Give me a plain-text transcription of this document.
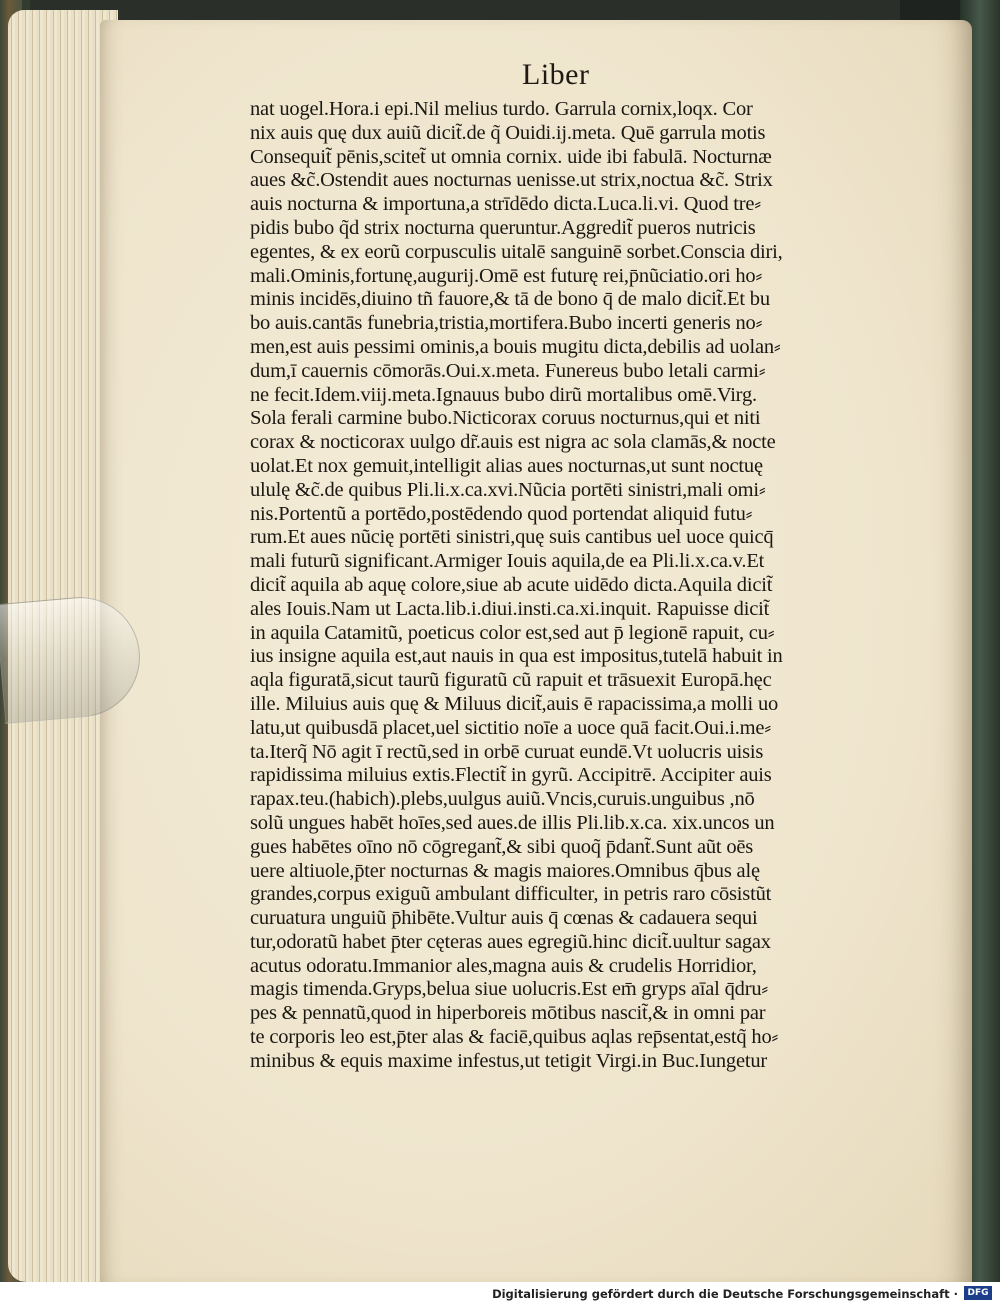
Liber
nat uogel.Hora.i epi.Nil melius turdo. Garrula cornix,loqx. Cor
nix auis quę dux auiũ dicit̃.de q̃ Ouidi.ij.meta. Quē garrula motis
Consequit̃ pēnis,scitet̃ ut omnia cornix. uide ibi fabulā. Nocturnæ
aues &c̃.Ostendit aues nocturnas uenisse.ut strix,noctua &c̃. Strix
auis nocturna & importuna,a strīdēdo dicta.Luca.li.vi. Quod tre⸗
pidis bubo q̃d strix nocturna queruntur.Aggredit̃ pueros nutricis
egentes, & ex eorũ corpusculis uitalē sanguinē sorbet.Conscia diri,
mali.Ominis,fortunę,augurij.Omē est futurę rei,p̄nũciatio.ori ho⸗
minis incidēs,diuino tñ fauore,& tā de bono q̄ de malo dicit̃.Et bu
bo auis.cantās funebria,tristia,mortifera.Bubo incerti generis no⸗
men,est auis pessimi ominis,a bouis mugitu dicta,debilis ad uolan⸗
dum,ī cauernis cōmorās.Oui.x.meta. Funereus bubo letali carmi⸗
ne fecit.Idem.viij.meta.Ignauus bubo dirũ mortalibus omē.Virg.
Sola ferali carmine bubo.Nicticorax coruus nocturnus,qui et niti
corax & nocticorax uulgo dr̃.auis est nigra ac sola clamās,& nocte
uolat.Et nox gemuit,intelligit alias aues nocturnas,ut sunt noctuę
ululę &c̃.de quibus Pli.li.x.ca.xvi.Nũcia portēti sinistri,mali omi⸗
nis.Portentũ a portēdo,postēdendo quod portendat aliquid futu⸗
rum.Et aues nũcię portēti sinistri,quę suis cantibus uel uoce quicq̄
mali futurũ significant.Armiger Iouis aquila,de ea Pli.li.x.ca.v.Et
dicit̃ aquila ab aquę colore,siue ab acute uidēdo dicta.Aquila dicit̃
ales Iouis.Nam ut Lacta.lib.i.diui.insti.ca.xi.inquit. Rapuisse dicit̃
in aquila Catamitũ, poeticus color est,sed aut p̄ legionē rapuit, cu⸗
ius insigne aquila est,aut nauis in qua est impositus,tutelā habuit in
aqla figuratā,sicut taurũ figuratũ cũ rapuit et trāsuexit Europā.hęc
ille. Miluius auis quę & Miluus dicit̃,auis ē rapacissima,a molli uo
latu,ut quibusdā placet,uel sictitio noīe a uoce quā facit.Oui.i.me⸗
ta.Iterq̃ Nō agit ī rectũ,sed in orbē curuat eundē.Vt uolucris uisis
rapidissima miluius extis.Flectit̃ in gyrũ. Accipitrē. Accipiter auis
rapax.teu.(habich).plebs,uulgus auiũ.Vncis,curuis.unguibus ,nō
solũ ungues habēt hoīes,sed aues.de illis Pli.lib.x.ca. xix.uncos un
gues habētes oīno nō cōgregant̃,& sibi quoq̃ p̄dant̃.Sunt aũt oēs
uere altiuole,p̄ter nocturnas & magis maiores.Omnibus q̄bus alę
grandes,corpus exiguũ ambulant difficulter, in petris raro cōsistũt
curuatura unguiũ p̄hibēte.Vultur auis q̄ cœnas & cadauera sequi
tur,odoratũ habet p̄ter cęteras aues egregiũ.hinc dicit̃.uultur sagax
acutus odoratu.Immanior ales,magna auis & crudelis Horridior,
magis timenda.Gryps,belua siue uolucris.Est em̄ gryps aīal q̄dru⸗
pes & pennatũ,quod in hiperboreis mōtibus nascit̃,& in omni par
te corporis leo est,p̄ter alas & faciē,quibus aqlas rep̄sentat,estq̃ ho⸗
minibus & equis maxime infestus,ut tetigit Virgi.in Buc.Iungetur
Digitalisierung gefördert durch die Deutsche Forschungsgemeinschaft ·	DFG
